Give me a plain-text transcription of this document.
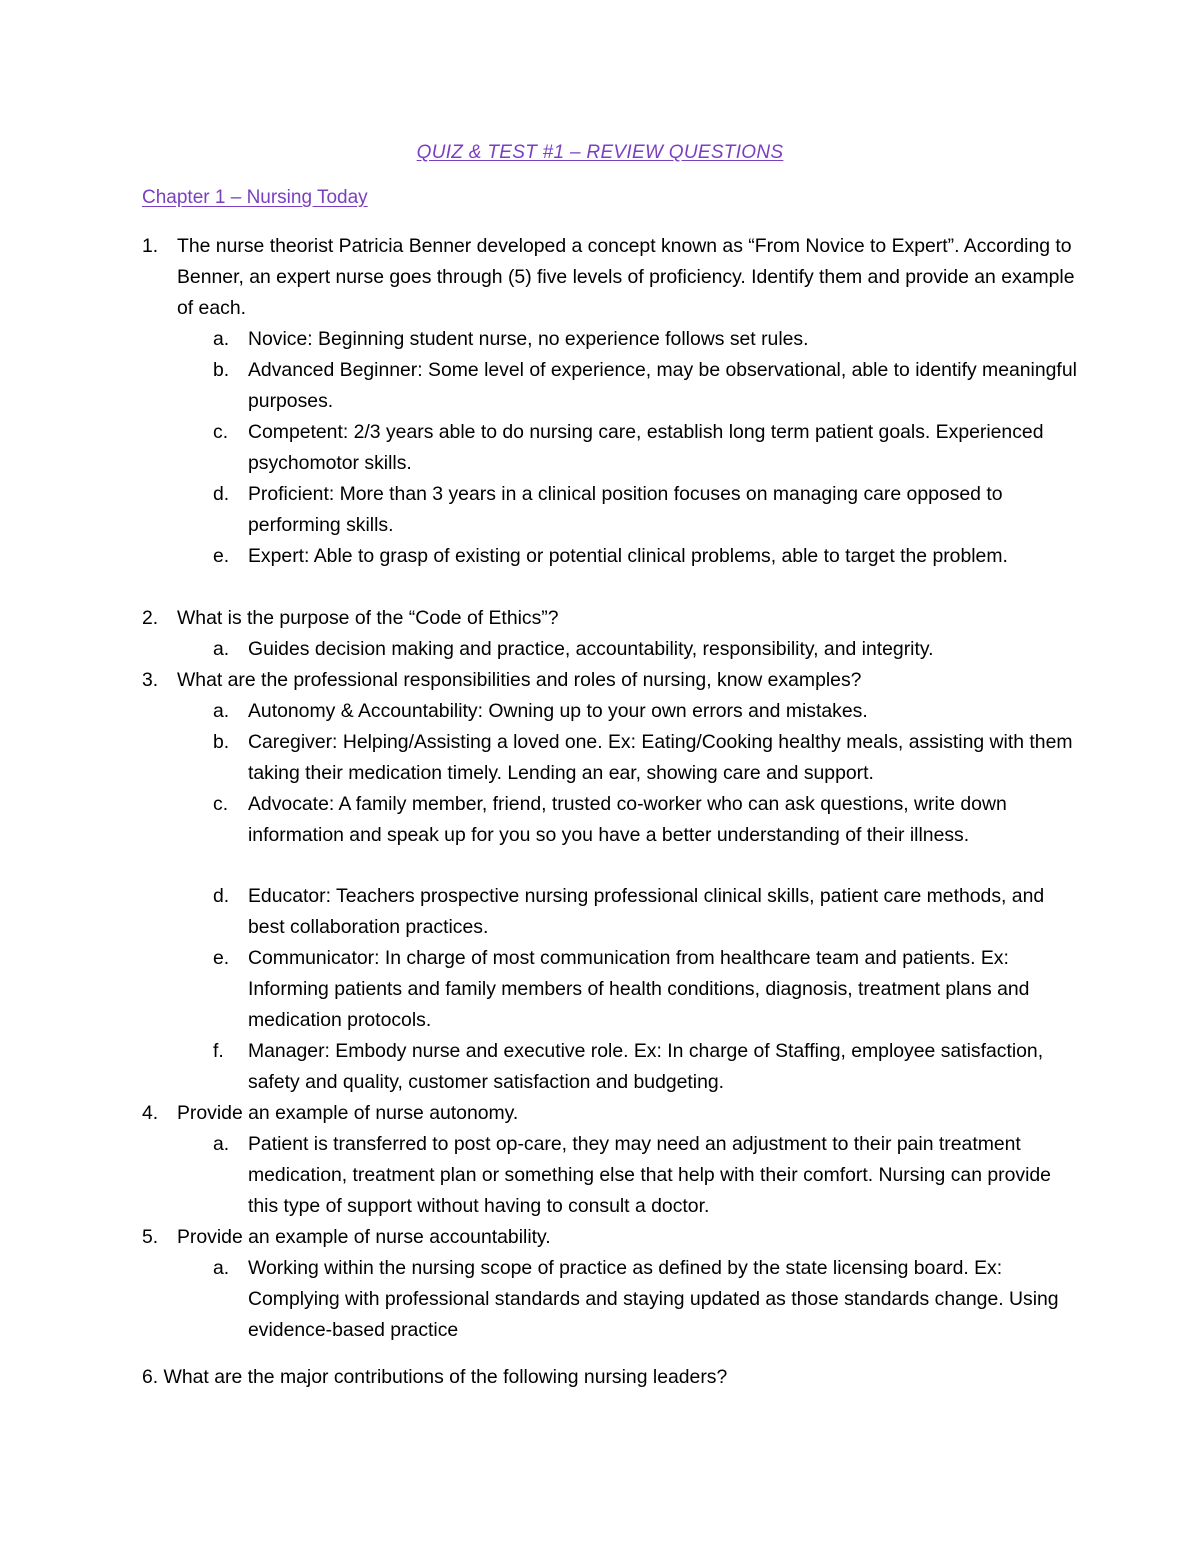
QUIZ & TEST #1 – REVIEW QUESTIONS
Chapter 1 – Nursing Today
1. The nurse theorist Patricia Benner developed a concept known as “From Novice to Expert”. According to Benner, an expert nurse goes through (5) five levels of proficiency. Identify them and provide an example of each.
a. Novice: Beginning student nurse, no experience follows set rules.
b. Advanced Beginner: Some level of experience, may be observational, able to identify meaningful purposes.
c. Competent: 2/3 years able to do nursing care, establish long term patient goals. Experienced psychomotor skills.
d. Proficient: More than 3 years in a clinical position focuses on managing care opposed to performing skills.
e. Expert: Able to grasp of existing or potential clinical problems, able to target the problem.
2. What is the purpose of the “Code of Ethics”?
a. Guides decision making and practice, accountability, responsibility, and integrity.
3. What are the professional responsibilities and roles of nursing, know examples?
a. Autonomy & Accountability: Owning up to your own errors and mistakes.
b. Caregiver: Helping/Assisting a loved one. Ex: Eating/Cooking healthy meals, assisting with them taking their medication timely. Lending an ear, showing care and support.
c. Advocate: A family member, friend, trusted co-worker who can ask questions, write down information and speak up for you so you have a better understanding of their illness.
d. Educator: Teachers prospective nursing professional clinical skills, patient care methods, and best collaboration practices.
e. Communicator: In charge of most communication from healthcare team and patients. Ex: Informing patients and family members of health conditions, diagnosis, treatment plans and medication protocols.
f. Manager: Embody nurse and executive role. Ex: In charge of Staffing, employee satisfaction, safety and quality, customer satisfaction and budgeting.
4. Provide an example of nurse autonomy.
a. Patient is transferred to post op-care, they may need an adjustment to their pain treatment medication, treatment plan or something else that help with their comfort. Nursing can provide this type of support without having to consult a doctor.
5. Provide an example of nurse accountability.
a. Working within the nursing scope of practice as defined by the state licensing board. Ex: Complying with professional standards and staying updated as those standards change. Using evidence-based practice
6. What are the major contributions of the following nursing leaders?
